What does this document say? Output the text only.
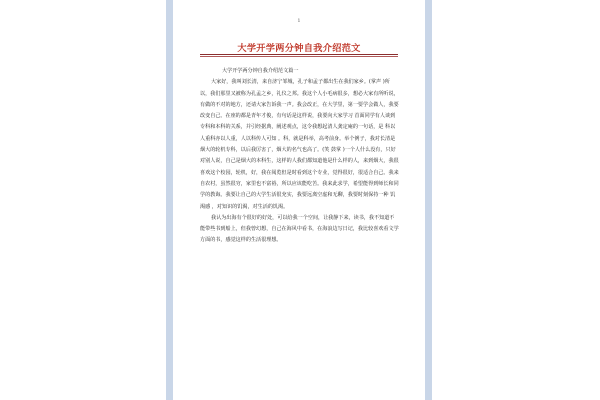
1
大学开学两分钟自我介绍范文

大学开学两分钟自我介绍范文篇一

大家好，我叫刘长清，来自济宁邹城，孔子和孟子都出生在我们家乡。(掌声 )所以，我们那里又被称为孔孟之乡，礼仪之邦。我这个人小毛病很多，想必大家有所听说，有做的不对的地方，还请大家告诉我一声。我会改正，在大学里，第一要学会做人，我要改变自己。在座的都是青年才俊，有句话是这样说，我要向大家学习 首面同学有人谈到专科和本科的关系，并引经据典，阐述观点，这令我想起清人龚定庵的一句话，是 科以人重科亦以人重，人以科传人可知 。科，就是科举，高考前身。举个例子，我对长清是烟大的轮机专科，以后我厉害了，烟大的名气也高了。(笑 鼓掌 )一个人什么没有，只好对别人说，自己是烟大的本科生，这样的人我们都知道他是什么样的人，来到烟大，我很喜欢这个校园，轮机，好，我在阅览但是时看到这个专业，觉得很好，很适合自己。我来自农村，虽然很穷，家里也不富裕，所以应该能吃苦。我来此求学，希望能得到师长和同学的教诲。我要让自己的大学生活很充实，我要远离空虚和无聊，我要时刻保持一种 饥渴感 ，对知识的饥渴，对生活的饥渴。

我认为出海有个很好的好处，可以给我一个空间，让我静下来，读书，我不知道不能带些书到船上，但我曾幻想，自己在海风中看书，在海浪边写日记，我比较喜欢看文学方面的书，感觉这样的生活很理想。
